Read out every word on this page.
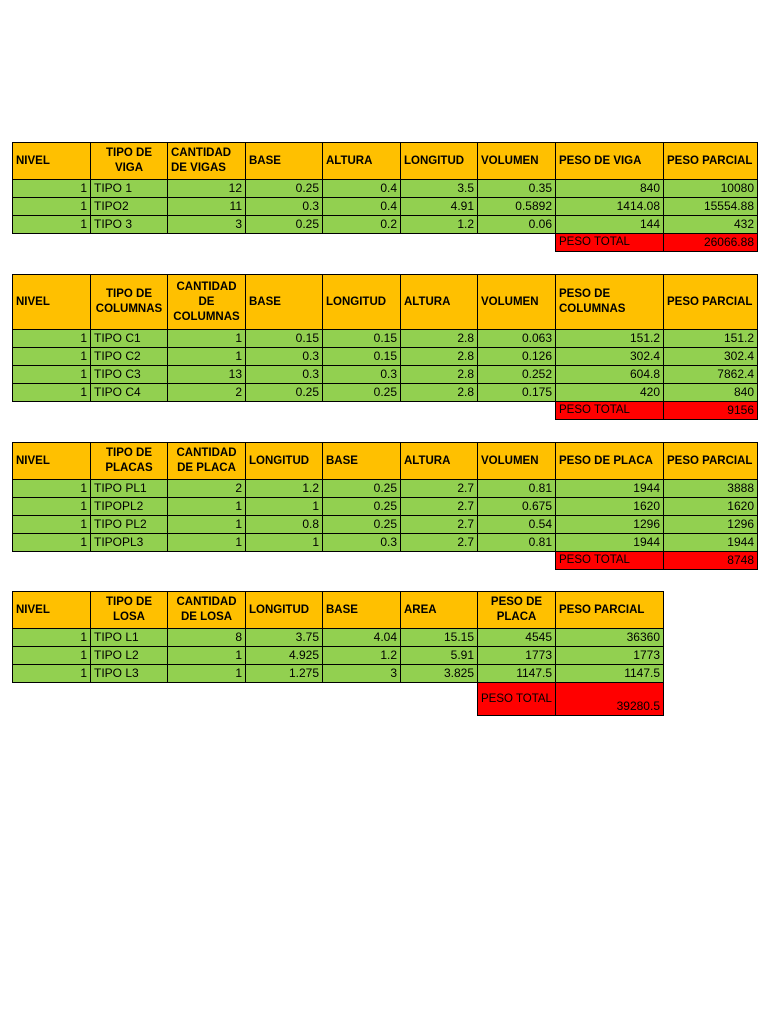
NIVEL	TIPO DE VIGA	CANTIDAD DE VIGAS	BASE	ALTURA	LONGITUD	VOLUMEN	PESO DE VIGA	PESO PARCIAL
1	TIPO 1	12	0.25	0.4	3.5	0.35	840	10080
1	TIPO2	11	0.3	0.4	4.91	0.5892	1414.08	15554.88
1	TIPO 3	3	0.25	0.2	1.2	0.06	144	432
							PESO TOTAL	26066.88
NIVEL	TIPO DE COLUMNAS	CANTIDAD DE COLUMNAS	BASE	LONGITUD	ALTURA	VOLUMEN	PESO DE COLUMNAS	PESO PARCIAL
1	TIPO C1	1	0.15	0.15	2.8	0.063	151.2	151.2
1	TIPO C2	1	0.3	0.15	2.8	0.126	302.4	302.4
1	TIPO C3	13	0.3	0.3	2.8	0.252	604.8	7862.4
1	TIPO C4	2	0.25	0.25	2.8	0.175	420	840
							PESO TOTAL	9156
NIVEL	TIPO DE PLACAS	CANTIDAD DE PLACA	LONGITUD	BASE	ALTURA	VOLUMEN	PESO DE PLACA	PESO PARCIAL
1	TIPO PL1	2	1.2	0.25	2.7	0.81	1944	3888
1	TIPOPL2	1	1	0.25	2.7	0.675	1620	1620
1	TIPO PL2	1	0.8	0.25	2.7	0.54	1296	1296
1	TIPOPL3	1	1	0.3	2.7	0.81	1944	1944
							PESO TOTAL	8748
NIVEL	TIPO DE LOSA	CANTIDAD DE LOSA	LONGITUD	BASE	AREA	PESO DE PLACA	PESO PARCIAL
1	TIPO L1	8	3.75	4.04	15.15	4545	36360
1	TIPO L2	1	4.925	1.2	5.91	1773	1773
1	TIPO L3	1	1.275	3	3.825	1147.5	1147.5
						PESO TOTAL	39280.5
